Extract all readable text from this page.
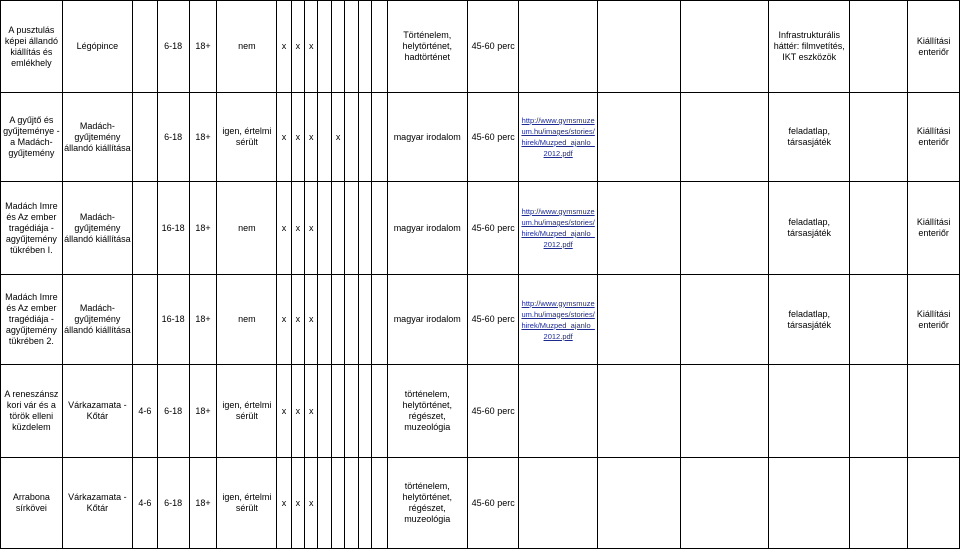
A pusztulás képei állandó kiállítás és emlékhely	Légópince		6-18	18+	nem	x	x	x						Történelem, helytörténet, hadtörténet	45-60 perc				Infrastrukturális háttér: filmvetítés, IKT eszközök		Kiállítási enteriőr
A gyűjtő és gyűjteménye - a Madách-gyűjtemény	Madách-gyűjtemény állandó kiállítása		6-18	18+	igen, értelmi sérült	x	x	x		x				magyar irodalom	45-60 perc	http://www.gymsmuzeum.hu/images/stories/hirek/Muzped_ajanlo_2012.pdf			feladatlap, társasjáték		Kiállítási enteriőr
Madách Imre és Az ember tragédiája - agyűjtemény tükrében I.	Madách-gyűjtemény állandó kiállítása		16-18	18+	nem	x	x	x						magyar irodalom	45-60 perc	http://www.gymsmuzeum.hu/images/stories/hirek/Muzped_ajanlo_2012.pdf			feladatlap, társasjáték		Kiállítási enteriőr
Madách Imre és Az ember tragédiája - agyűjtemény tükrében 2.	Madách-gyűjtemény állandó kiállítása		16-18	18+	nem	x	x	x						magyar irodalom	45-60 perc	http://www.gymsmuzeum.hu/images/stories/hirek/Muzped_ajanlo_2012.pdf			feladatlap, társasjáték		Kiállítási enteriőr
A reneszánsz kori vár és a török elleni küzdelem	Várkazamata - Kőtár	4-6	6-18	18+	igen, értelmi sérült	x	x	x						történelem, helytörténet, régészet, muzeológia	45-60 perc						
Arrabona sírkövei	Várkazamata - Kőtár	4-6	6-18	18+	igen, értelmi sérült	x	x	x						történelem, helytörténet, régészet, muzeológia	45-60 perc						
